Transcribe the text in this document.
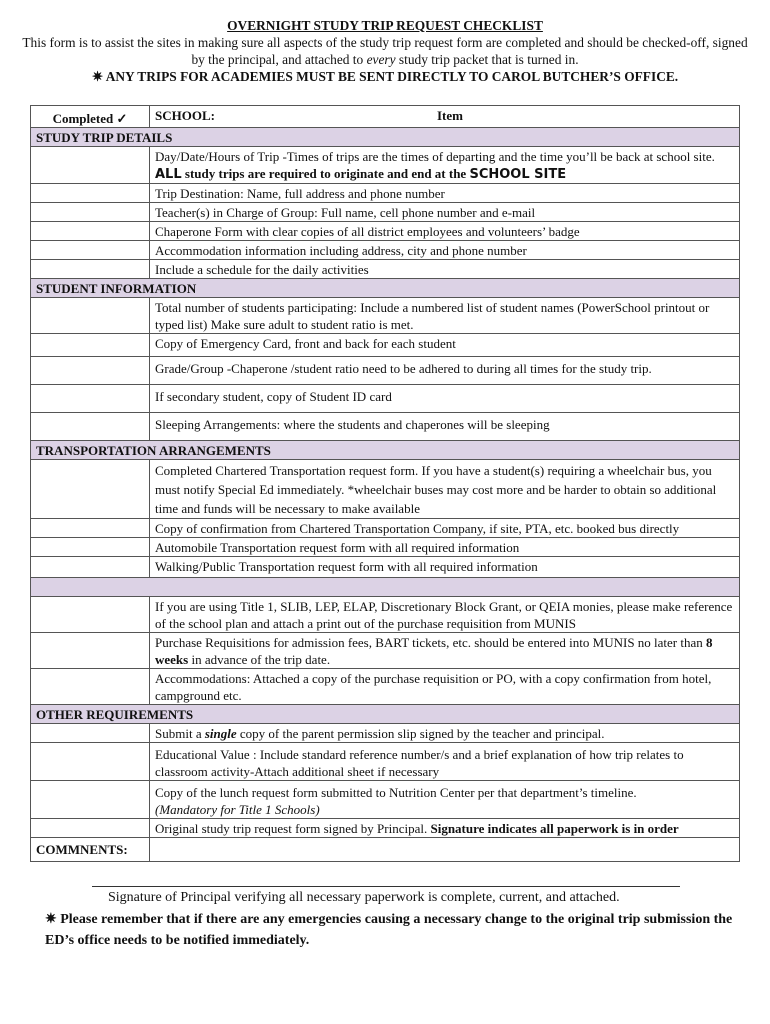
OVERNIGHT STUDY TRIP REQUEST CHECKLIST
This form is to assist the sites in making sure all aspects of the study trip request form are completed and should be checked-off, signed by the principal, and attached to every study trip packet that is turned in.
✷ ANY TRIPS FOR ACADEMIES MUST BE SENT DIRECTLY TO CAROL BUTCHER’S OFFICE.
Completed ✓	SCHOOL: Item
STUDY TRIP DETAILS	
	Day/Date/Hours of Trip -Times of trips are the times of departing and the time you’ll be back at school site. ALL study trips are required to originate and end at the SCHOOL SITE
	Trip Destination: Name, full address and phone number
	Teacher(s) in Charge of Group: Full name, cell phone number and e-mail
	Chaperone Form with clear copies of all district employees and volunteers’ badge
	Accommodation information including address, city and phone number
	Include a schedule for the daily activities
STUDENT INFORMATION	
	Total number of students participating: Include a numbered list of student names (PowerSchool printout or typed list) Make sure adult to student ratio is met.
	Copy of Emergency Card, front and back for each student
	Grade/Group -Chaperone /student ratio need to be adhered to during all times for the study trip.
	If secondary student, copy of Student ID card
	Sleeping Arrangements: where the students and chaperones will be sleeping
TRANSPORTATION ARRANGEMENTS	
	Completed Chartered Transportation request form. If you have a student(s) requiring a wheelchair bus, you must notify Special Ed immediately. *wheelchair buses may cost more and be harder to obtain so additional time and funds will be necessary to make available
	Copy of confirmation from Chartered Transportation Company, if site, PTA, etc. booked bus directly
	Automobile Transportation request form with all required information
	Walking/Public Transportation request form with all required information

	If you are using Title 1, SLIB, LEP, ELAP, Discretionary Block Grant, or QEIA monies, please make reference of the school plan and attach a print out of the purchase requisition from MUNIS
	Purchase Requisitions for admission fees, BART tickets, etc. should be entered into MUNIS no later than 8 weeks in advance of the trip date.
	Accommodations: Attached a copy of the purchase requisition or PO, with a copy confirmation from hotel, campground etc.
OTHER REQUIREMENTS	
	Submit a single copy of the parent permission slip signed by the teacher and principal.
	Educational Value : Include standard reference number/s and a brief explanation of how trip relates to classroom activity-Attach additional sheet if necessary
	Copy of the lunch request form submitted to Nutrition Center per that department’s timeline.
(Mandatory for Title 1 Schools)
	Original study trip request form signed by Principal. Signature indicates all paperwork is in order
COMMNENTS:	
Signature of Principal verifying all necessary paperwork is complete, current, and attached.
✷ Please remember that if there are any emergencies causing a necessary change to the original trip submission the ED’s office needs to be notified immediately.
